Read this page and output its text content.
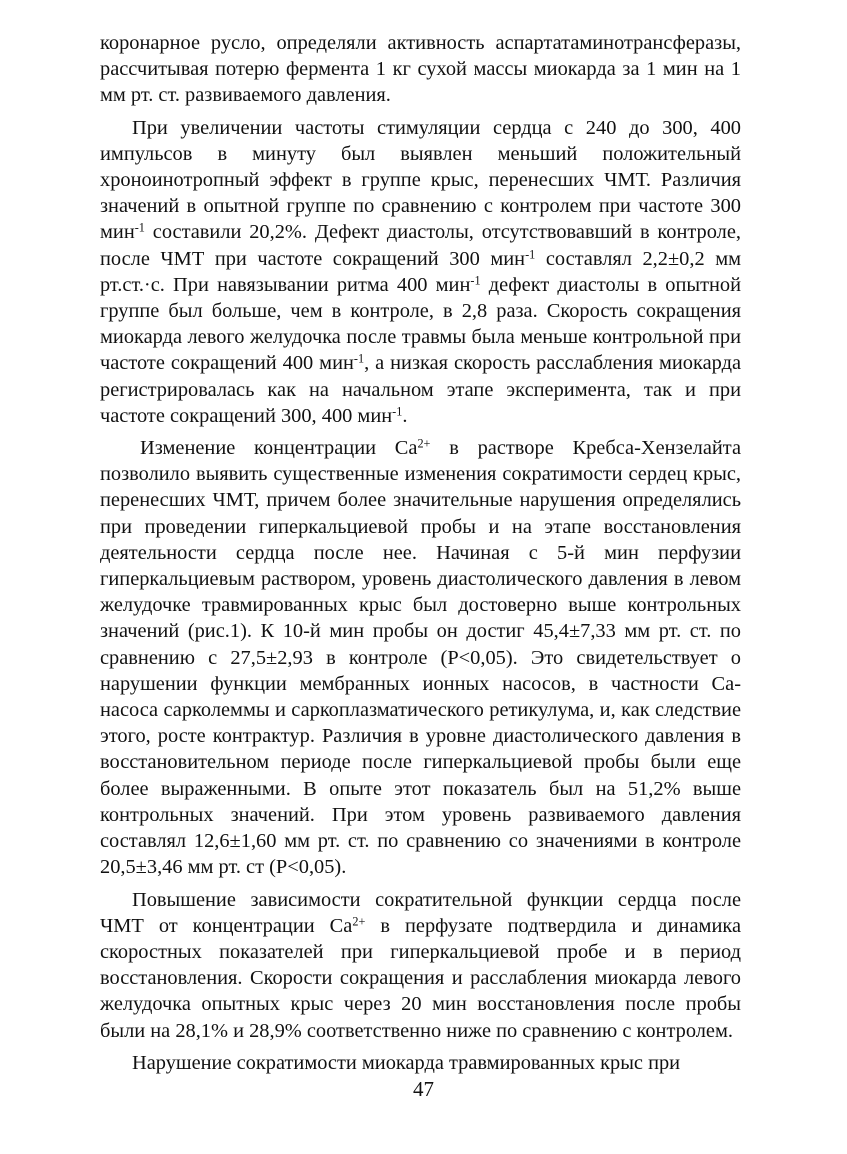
коронарное русло, определяли активность аспартатаминотрансферазы, рассчитывая потерю фермента 1 кг сухой массы миокарда за 1 мин на 1 мм рт. ст. развиваемого давления.

При увеличении частоты стимуляции сердца с 240 до 300, 400 импульсов в минуту был выявлен меньший положительный хроноинотропный эффект в группе крыс, перенесших ЧМТ. Различия значений в опытной группе по сравнению с контролем при частоте 300 мин$^{-1}$ составили 20,2%. Дефект диастолы, отсутствовавший в контроле, после ЧМТ при частоте сокращений 300 мин$^{-1}$ составлял 2,2±0,2 мм рт.ст.·с. При навязывании ритма 400 мин$^{-1}$ дефект диастолы в опытной группе был больше, чем в контроле, в 2,8 раза. Скорость сокращения миокарда левого желудочка после травмы была меньше контрольной при частоте сокращений 400 мин$^{-1}$, а низкая скорость расслабления миокарда регистрировалась как на начальном этапе эксперимента, так и при частоте сокращений 300, 400 мин$^{-1}$.

Изменение концентрации $Ca^{2+}$ в растворе Кребса-Хензелайта позволило выявить существенные изменения сократимости сердец крыс, перенесших ЧМТ, причем более значительные нарушения определялись при проведении гиперкальциевой пробы и на этапе восстановления деятельности сердца после нее. Начиная с 5-й мин перфузии гиперкальциевым раствором, уровень диастолического давления в левом желудочке травмированных крыс был достоверно выше контрольных значений (рис.1). К 10-й мин пробы он достиг 45,4±7,33 мм рт. ст. по сравнению с 27,5±2,93 в контроле (P<0,05). Это свидетельствует о нарушении функции мембранных ионных насосов, в частности Ca-насоса сарколеммы и саркоплазматического ретикулума, и, как следствие этого, росте контрактур. Различия в уровне диастолического давления в восстановительном периоде после гиперкальциевой пробы были еще более выраженными. В опыте этот показатель был на 51,2% выше контрольных значений. При этом уровень развиваемого давления составлял 12,6±1,60 мм рт. ст. по сравнению со значениями в контроле 20,5±3,46 мм рт. ст (P<0,05).

Повышение зависимости сократительной функции сердца после ЧМТ от концентрации $Ca^{2+}$ в перфузате подтвердила и динамика скоростных показателей при гиперкальциевой пробе и в период восстановления. Скорости сокращения и расслабления миокарда левого желудочка опытных крыс через 20 мин восстановления после пробы были на 28,1% и 28,9% соответственно ниже по сравнению с контролем.

Нарушение сократимости миокарда травмированных крыс при

47
